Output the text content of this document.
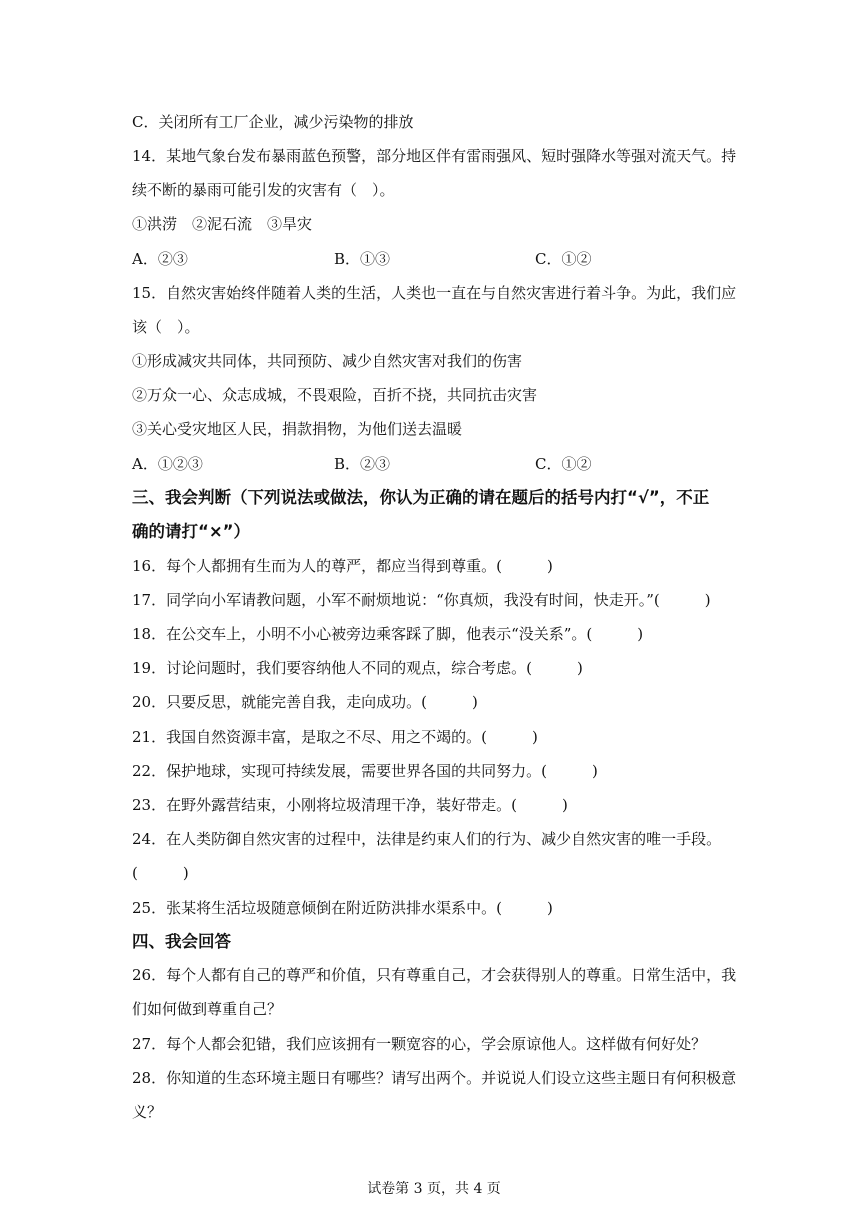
C．关闭所有工厂企业，减少污染物的排放
14．某地气象台发布暴雨蓝色预警，部分地区伴有雷雨强风、短时强降水等强对流天气。持
续不断的暴雨可能引发的灾害有（　）。
①洪涝　②泥石流　③旱灾
A．②③	B．①③	C．①②
15．自然灾害始终伴随着人类的生活，人类也一直在与自然灾害进行着斗争。为此，我们应
该（　）。
①形成减灾共同体，共同预防、减少自然灾害对我们的伤害
②万众一心、众志成城，不畏艰险，百折不挠，共同抗击灾害
③关心受灾地区人民，捐款捐物，为他们送去温暖
A．①②③	B．②③	C．①②
三、我会判断（下列说法或做法，你认为正确的请在题后的括号内打“√”，不正
确的请打“×”）
16．每个人都拥有生而为人的尊严，都应当得到尊重。(　　　)
17．同学向小军请教问题，小军不耐烦地说：“你真烦，我没有时间，快走开。”(　　　)
18．在公交车上，小明不小心被旁边乘客踩了脚，他表示“没关系”。(　　　)
19．讨论问题时，我们要容纳他人不同的观点，综合考虑。(　　　)
20．只要反思，就能完善自我，走向成功。(　　　)
21．我国自然资源丰富，是取之不尽、用之不竭的。(　　　)
22．保护地球，实现可持续发展，需要世界各国的共同努力。(　　　)
23．在野外露营结束，小刚将垃圾清理干净，装好带走。(　　　)
24．在人类防御自然灾害的过程中，法律是约束人们的行为、减少自然灾害的唯一手段。
(　　　)
25．张某将生活垃圾随意倾倒在附近防洪排水渠系中。(　　　)
四、我会回答
26．每个人都有自己的尊严和价值，只有尊重自己，才会获得别人的尊重。日常生活中，我
们如何做到尊重自己？
27．每个人都会犯错，我们应该拥有一颗宽容的心，学会原谅他人。这样做有何好处？
28．你知道的生态环境主题日有哪些？请写出两个。并说说人们设立这些主题日有何积极意
义？
试卷第 3 页，共 4 页
